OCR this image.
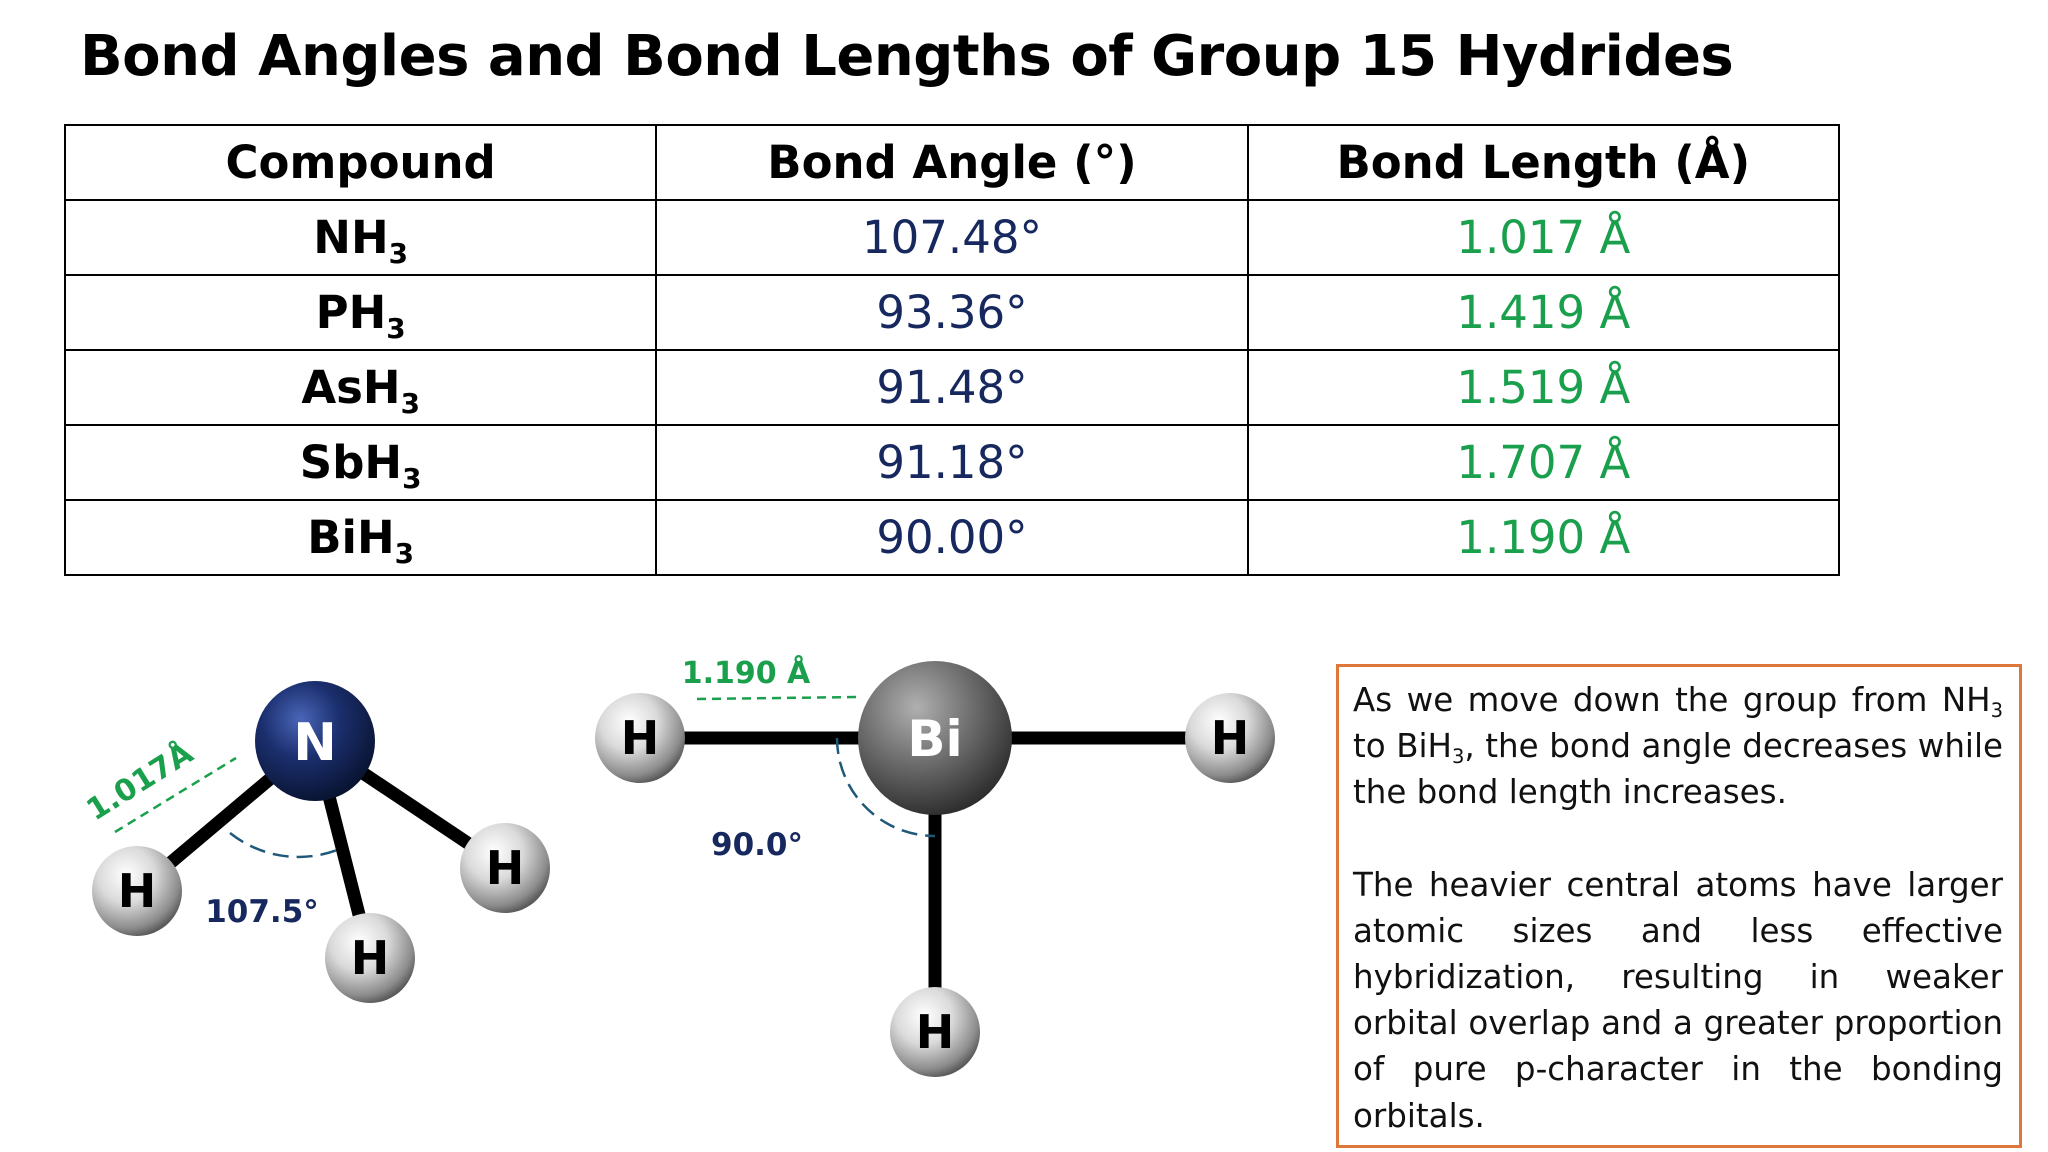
Bond Angles and Bond Lengths of Group 15 Hydrides
Compound	Bond Angle (°)	Bond Length (Å)
$NH_3$	107.48°	1.017 Å
$PH_3$	93.36°	1.419 Å
AsH$_3$	91.48°	1.519 Å
SbH$_3$	91.18°	1.707 Å
BiH$_3$	90.00°	1.190 Å
1.017Å
107.5°
H
H
H
N
1.190 Å
90.0°
H	H
H
Bi

As we move down the group from $NH_3$ to BiH$_3$, the bond angle decreases while the bond length increases.

The heavier central atoms have larger atomic sizes and less effective hybridization, resulting in weaker orbital overlap and a greater proportion of pure p-character in the bonding orbitals.
